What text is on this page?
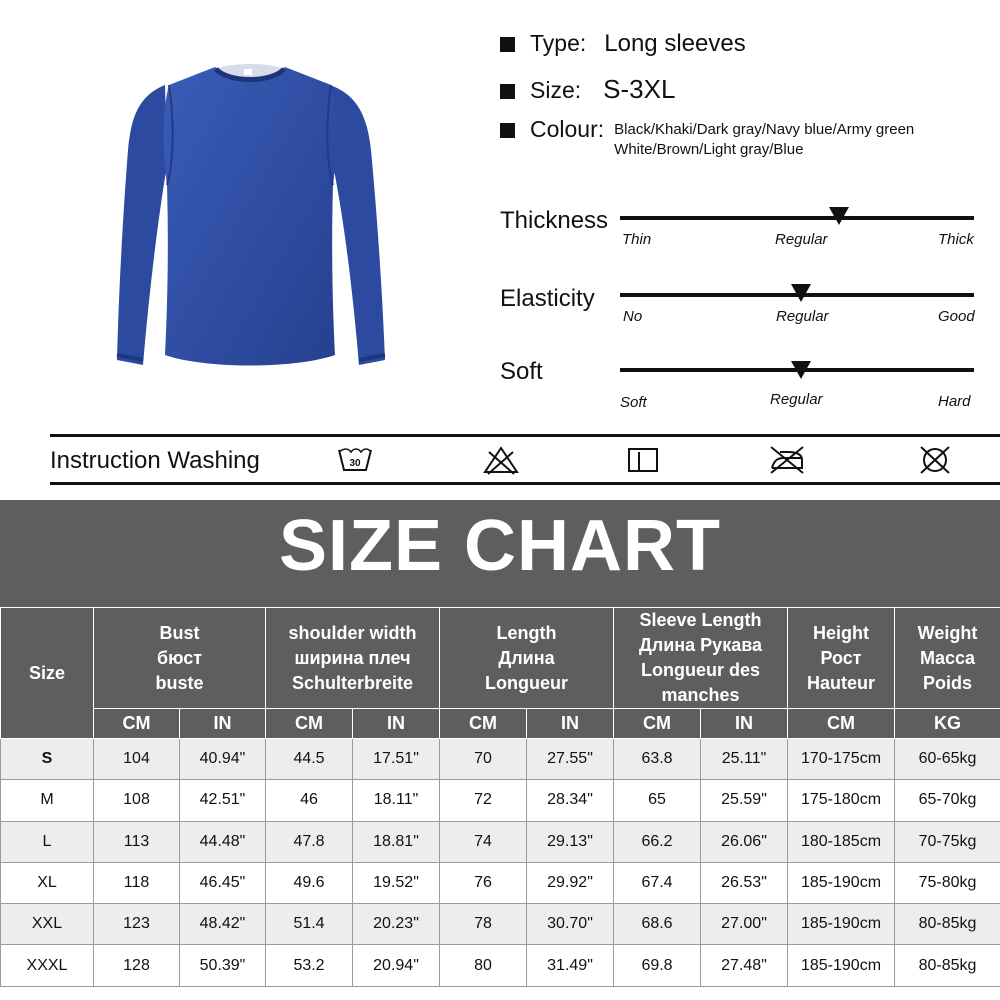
Type: Long sleeves
Size: S-3XL
Colour: Black/Khaki/Dark gray/Navy blue/Army green
White/Brown/Light gray/Blue
Thickness
Thin	Regular	Thick
Elasticity
No	Regular	Good
Soft
Soft	Regular	Hard
Instruction Washing	30
SIZE CHART
Size	Bust
бюст
buste		shoulder width
ширина плеч
Schulterbreite		Length
Длина
Longueur		Sleeve Length
Длина Рукава
Longueur des
manches		Height
Рост
Hauteur	Weight
Macca
Poids
	CM	IN	CM	IN	CM	IN	CM	IN	CM	KG
S	104	40.94"	44.5	17.51"	70	27.55"	63.8	25.11"	170-175cm	60-65kg
M	108	42.51"	46	18.11"	72	28.34"	65	25.59"	175-180cm	65-70kg
L	113	44.48"	47.8	18.81"	74	29.13"	66.2	26.06"	180-185cm	70-75kg
XL	118	46.45"	49.6	19.52"	76	29.92"	67.4	26.53"	185-190cm	75-80kg
XXL	123	48.42"	51.4	20.23"	78	30.70"	68.6	27.00"	185-190cm	80-85kg
XXXL	128	50.39"	53.2	20.94"	80	31.49"	69.8	27.48"	185-190cm	80-85kg
